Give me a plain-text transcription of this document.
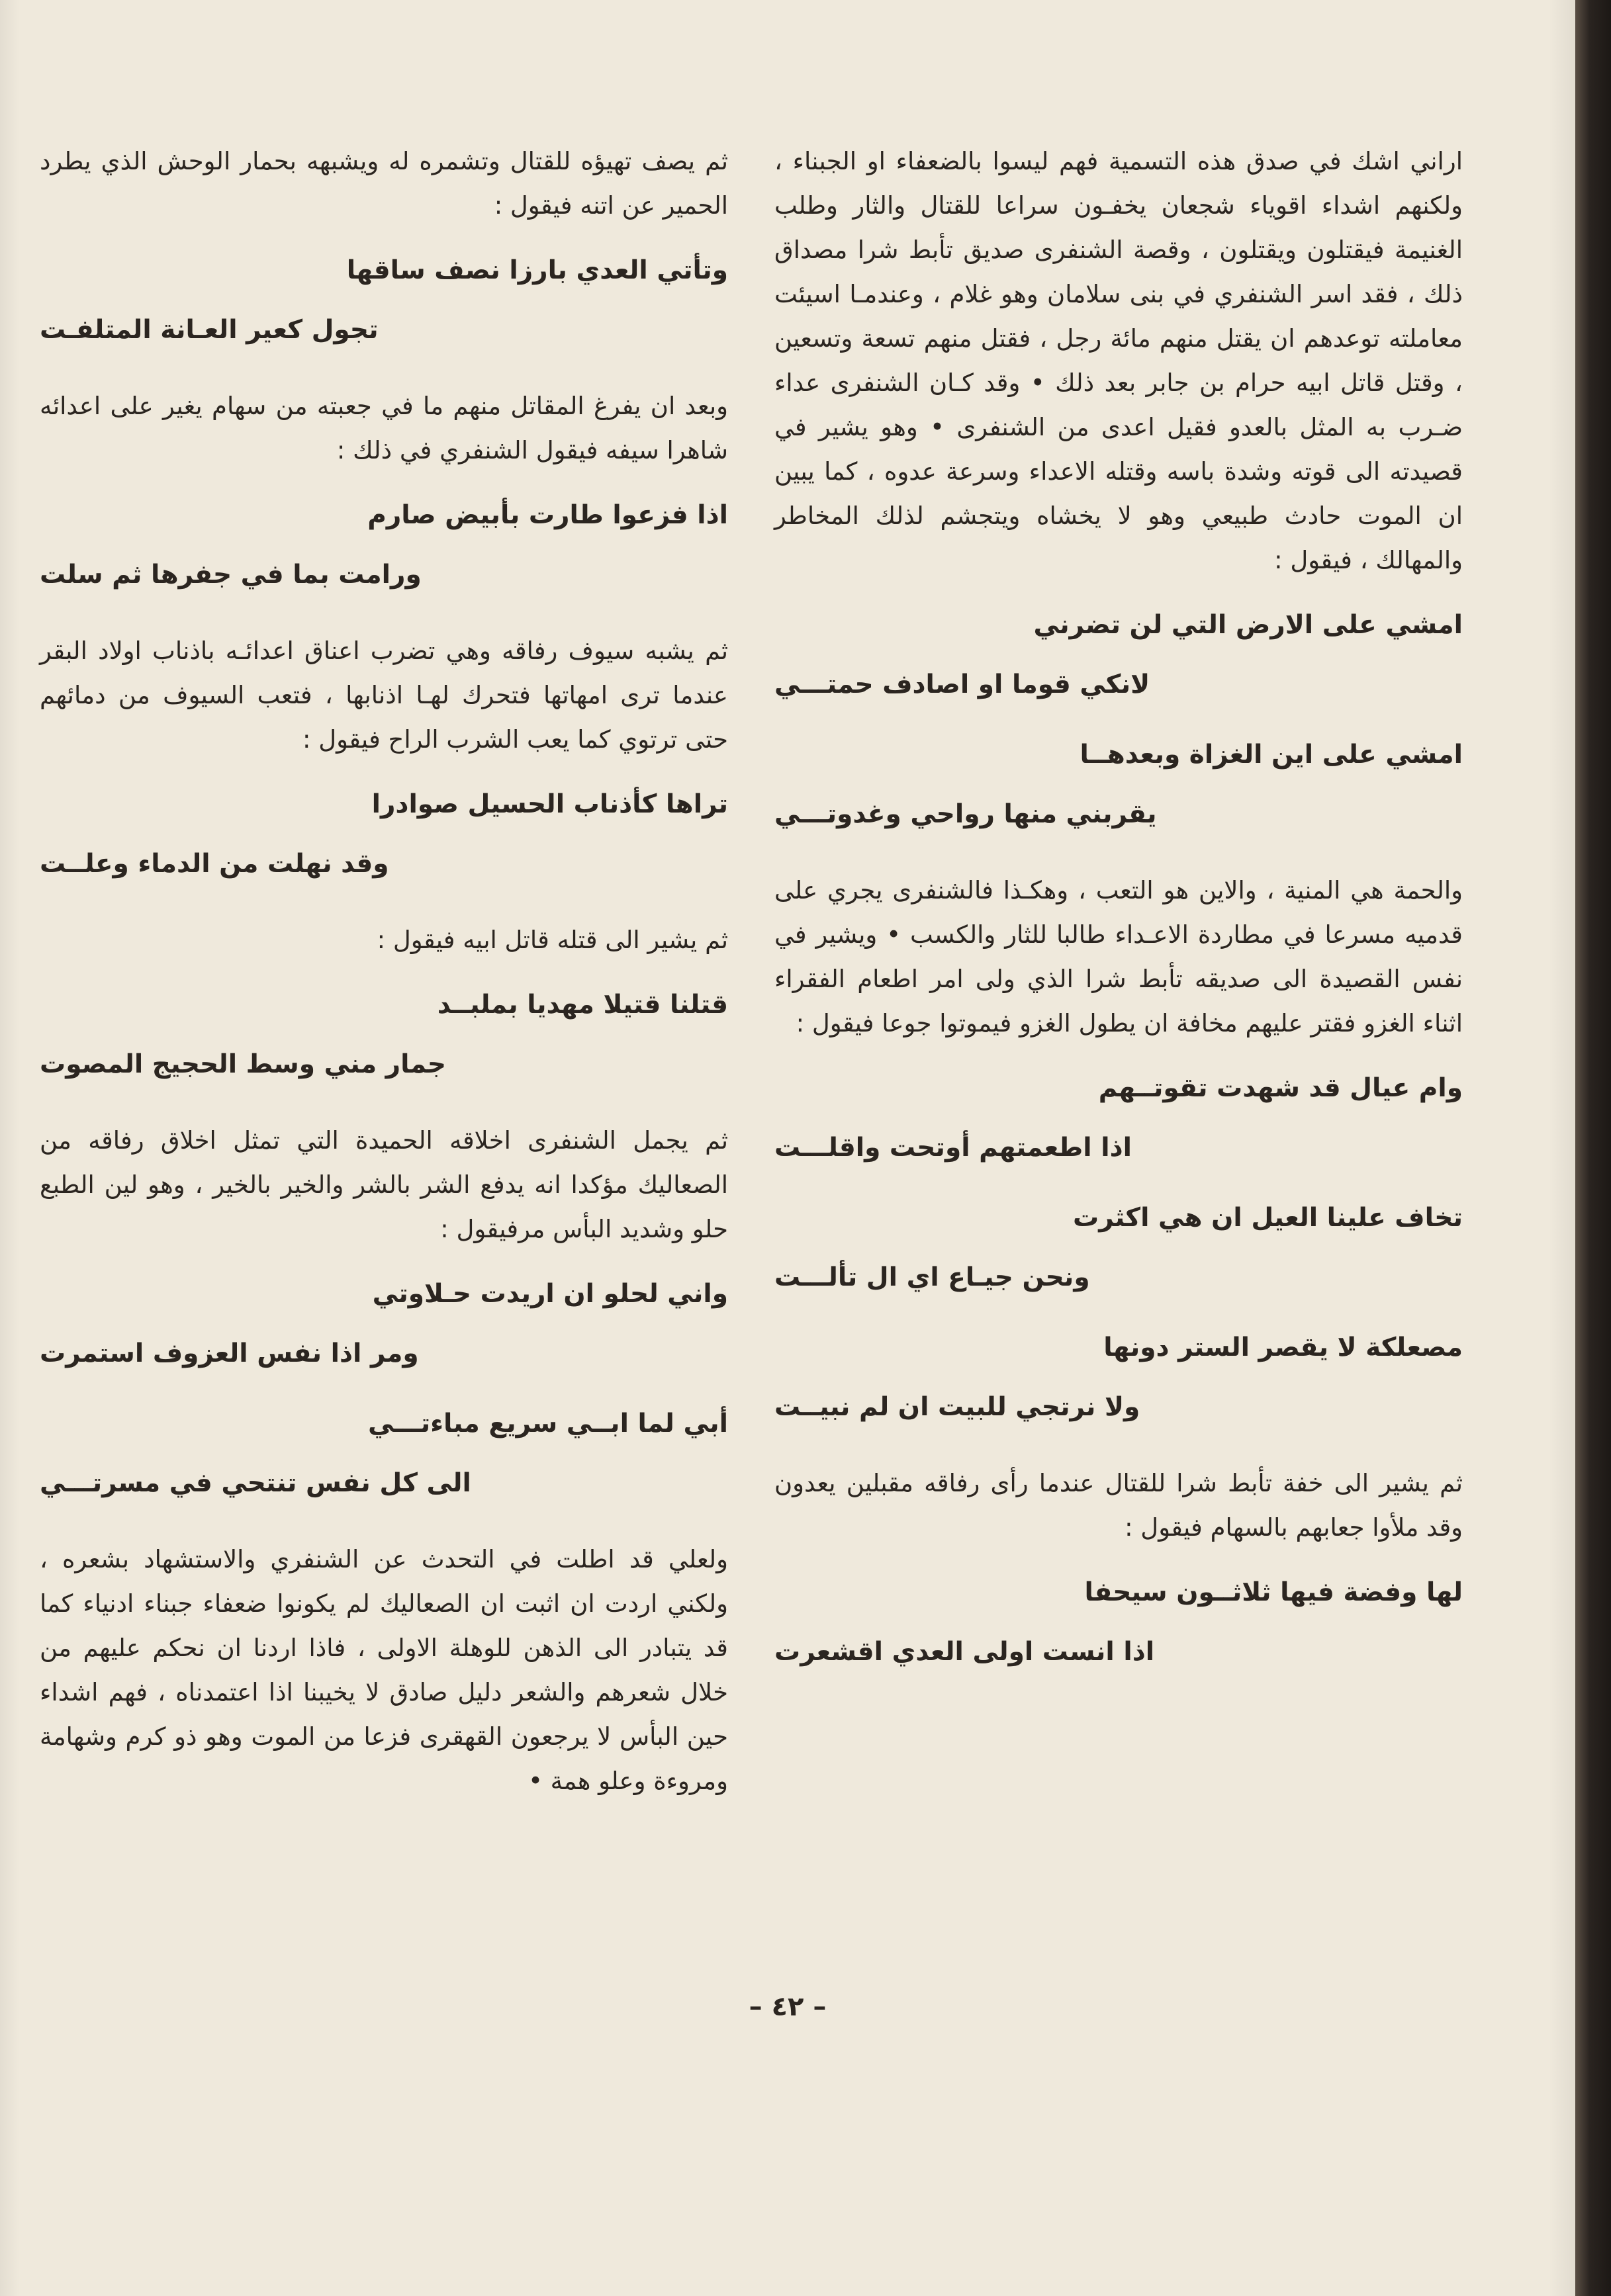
اراني اشك في صدق هذه التسمية فهم ليسوا بالضعفاء او الجبناء ، ولكنهم اشداء اقوياء شجعان يخفـون سراعا للقتال والثار وطلب الغنيمة فيقتلون ويقتلون ، وقصة الشنفرى صديق تأبط شرا مصداق ذلك ، فقد اسر الشنفري في بنى سلامان وهو غلام ، وعندمـا اسيئت معاملته توعدهم ان يقتل منهم مائة رجل ، فقتل منهم تسعة وتسعين ، وقتل قاتل ابيه حرام بن جابر بعد ذلك • وقد كـان الشنفرى عداء ضـرب به المثل بالعدو فقيل اعدى من الشنفرى • وهو يشير في قصيدته الى قوته وشدة باسه وقتله الاعداء وسرعة عدوه ، كما يبين ان الموت حادث طبيعي وهو لا يخشاه ويتجشم لذلك المخاطر والمهالك ، فيقول :

امشي على الارض التي لن تضرني

لانكي قوما او اصادف حمتـــي

امشي على اين الغزاة وبعدهــا

يقربني منها رواحي وغدوتـــي

والحمة هي المنية ، والاين هو التعب ، وهكـذا فالشنفرى يجري على قدميه مسرعا في مطاردة الاعـداء طالبا للثار والكسب • ويشير في نفس القصيدة الى صديقه تأبط شرا الذي ولى امر اطعام الفقراء اثناء الغزو فقتر عليهم مخافة ان يطول الغزو فيموتوا جوعا فيقول :

وام عيال قد شهدت تقوتــهم

اذا اطعمتهم أوتحت واقلـــت

تخاف علينا العيل ان هي اكثرت

ونحن جيـاع اي ال تألـــت

مصعلكة لا يقصر الستر دونها

ولا نرتجي للبيت ان لم نبيــت

ثم يشير الى خفة تأبط شرا للقتال عندما رأى رفاقه مقبلين يعدون وقد ملأوا جعابهم بالسهام فيقول :

لها وفضة فيها ثلاثــون سيحفا

اذا انست اولى العدي اقشعرت

ثم يصف تهيؤه للقتال وتشمره له ويشبهه بحمار الوحش الذي يطرد الحمير عن اتنه فيقول :

وتأتي العدي بارزا نصف ساقها

تجول كعير العـانة المتلفـت

وبعد ان يفرغ المقاتل منهم ما في جعبته من سهام يغير على اعدائه شاهرا سيفه فيقول الشنفري في ذلك :

اذا فزعوا طارت بأبيض صارم

ورامت بما في جفرها ثم سلت

ثم يشبه سيوف رفاقه وهي تضرب اعناق اعدائـه باذناب اولاد البقر عندما ترى امهاتها فتحرك لهـا اذنابها ، فتعب السيوف من دمائهم حتى ترتوي كما يعب الشرب الراح فيقول :

تراها كأذناب الحسيل صوادرا

وقد نهلت من الدماء وعلــت

ثم يشير الى قتله قاتل ابيه فيقول :

قتلنا قتيلا مهديا بملبــد

جمار مني وسط الحجيج المصوت

ثم يجمل الشنفرى اخلاقه الحميدة التي تمثل اخلاق رفاقه من الصعاليك مؤكدا انه يدفع الشر بالشر والخير بالخير ، وهو لين الطبع حلو وشديد البأس مرفيقول :

واني لحلو ان اريدت حـلاوتي

ومر اذا نفس العزوف استمرت

أبي لما ابــي سريع مباءتـــي

الى كل نفس تنتحي في مسرتـــي

ولعلي قد اطلت في التحدث عن الشنفري والاستشهاد بشعره ، ولكني اردت ان اثبت ان الصعاليك لم يكونوا ضعفاء جبناء ادنياء كما قد يتبادر الى الذهن للوهلة الاولى ، فاذا اردنا ان نحكم عليهم من خلال شعرهم والشعر دليل صادق لا يخيبنا اذا اعتمدناه ، فهم اشداء حين البأس لا يرجعون القهقرى فزعا من الموت وهو ذو كرم وشهامة ومروءة وعلو همة •

– ٤٢ –
